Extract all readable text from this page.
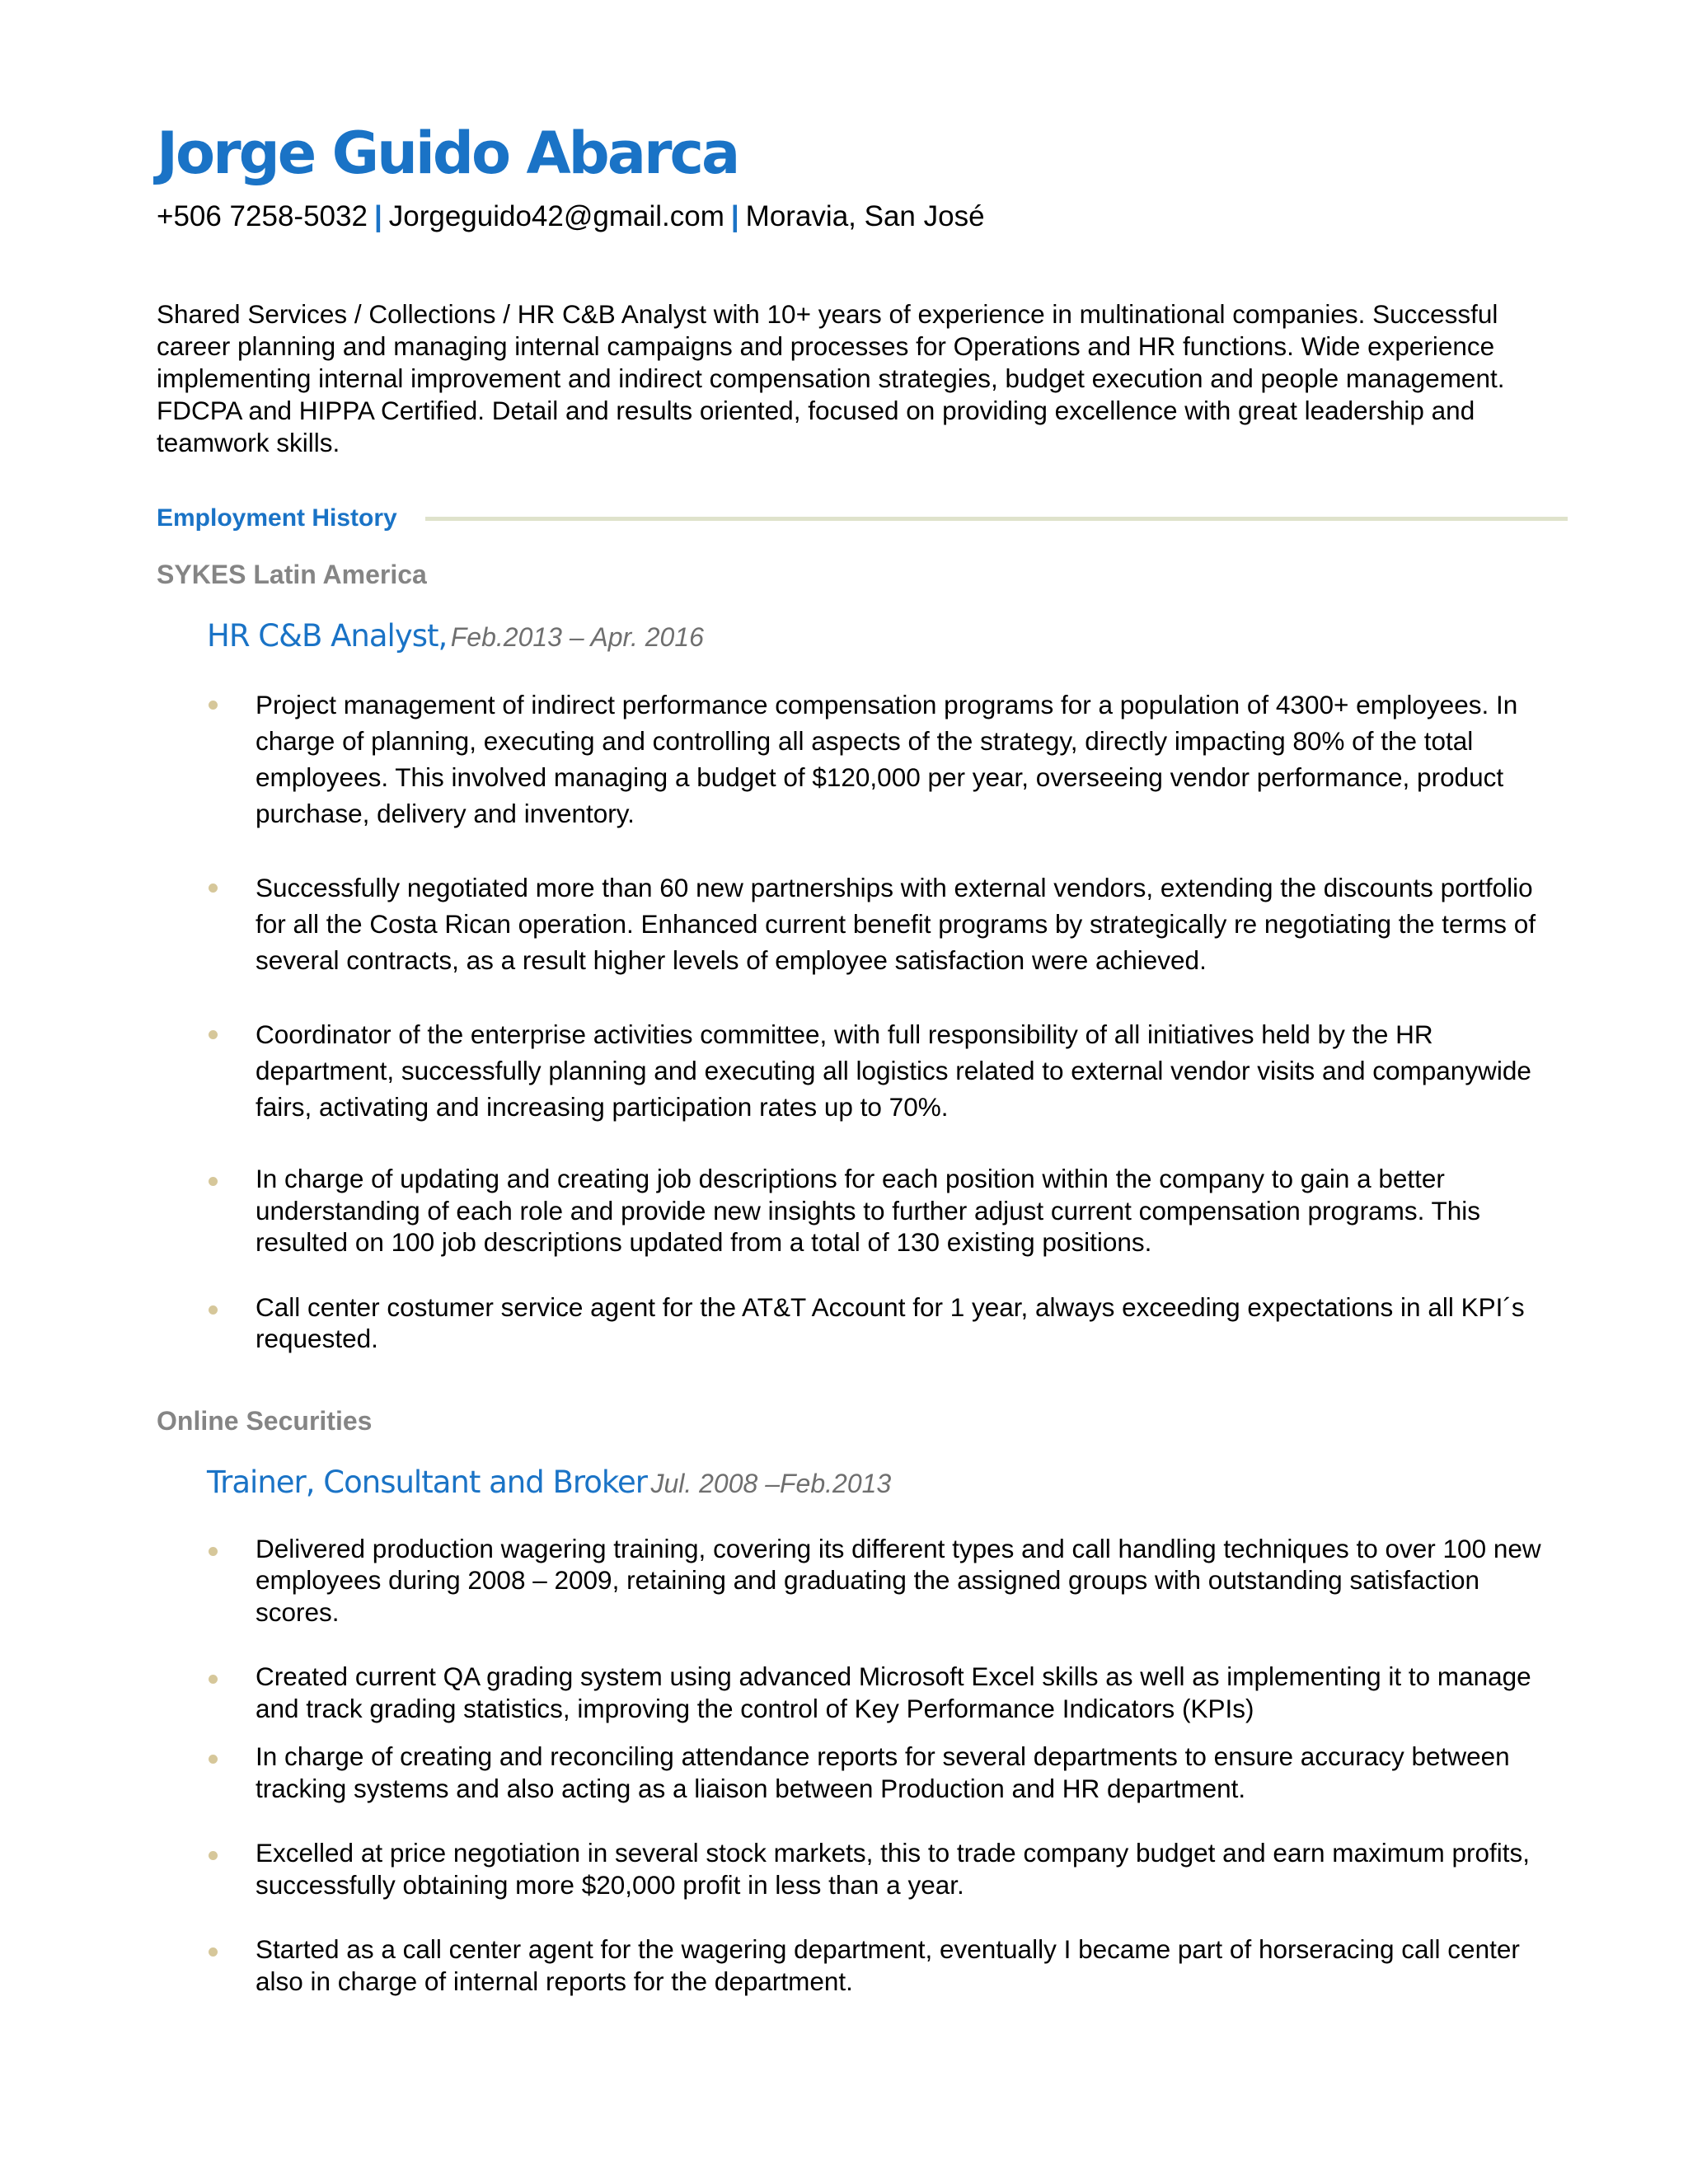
Jorge Guido Abarca
+506 7258-5032 | Jorgeguido42@gmail.com | Moravia, San José

Shared Services / Collections / HR C&B Analyst with 10+ years of experience in multinational companies. Successful career planning and managing internal campaigns and processes for Operations and HR functions. Wide experience implementing internal improvement and indirect compensation strategies, budget execution and people management. FDCPA and HIPPA Certified. Detail and results oriented, focused on providing excellence with great leadership and teamwork skills.

Employment History
SYKES Latin America
HR C&B Analyst, Feb.2013 – Apr. 2016
Project management of indirect performance compensation programs for a population of 4300+ employees. In charge of planning, executing and controlling all aspects of the strategy, directly impacting 80% of the total employees. This involved managing a budget of $120,000 per year, overseeing vendor performance, product purchase, delivery and inventory.
Successfully negotiated more than 60 new partnerships with external vendors, extending the discounts portfolio for all the Costa Rican operation. Enhanced current benefit programs by strategically re negotiating the terms of several contracts, as a result higher levels of employee satisfaction were achieved.
Coordinator of the enterprise activities committee, with full responsibility of all initiatives held by the HR department, successfully planning and executing all logistics related to external vendor visits and companywide fairs, activating and increasing participation rates up to 70%.
In charge of updating and creating job descriptions for each position within the company to gain a better understanding of each role and provide new insights to further adjust current compensation programs. This resulted on 100 job descriptions updated from a total of 130 existing positions.
Call center costumer service agent for the AT&T Account for 1 year, always exceeding expectations in all KPI´s requested.
Online Securities
Trainer, Consultant and Broker Jul. 2008 –Feb.2013
Delivered production wagering training, covering its different types and call handling techniques to over 100 new employees during 2008 – 2009, retaining and graduating the assigned groups with outstanding satisfaction scores.
Created current QA grading system using advanced Microsoft Excel skills as well as implementing it to manage and track grading statistics, improving the control of Key Performance Indicators (KPIs)
In charge of creating and reconciling attendance reports for several departments to ensure accuracy between tracking systems and also acting as a liaison between Production and HR department.
Excelled at price negotiation in several stock markets, this to trade company budget and earn maximum profits, successfully obtaining more $20,000 profit in less than a year.
Started as a call center agent for the wagering department, eventually I became part of horseracing call center also in charge of internal reports for the department.
